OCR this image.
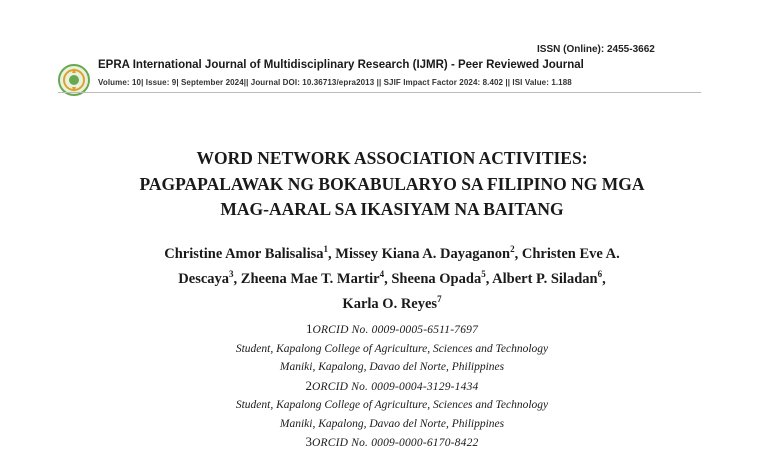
ISSN (Online): 2455-3662
EPRA International Journal of Multidisciplinary Research (IJMR) - Peer Reviewed Journal
Volume: 10| Issue: 9| September 2024|| Journal DOI: 10.36713/epra2013 || SJIF Impact Factor 2024: 8.402 || ISI Value: 1.188
WORD NETWORK ASSOCIATION ACTIVITIES:
PAGPAPALAWAK NG BOKABULARYO SA FILIPINO NG MGA
MAG-AARAL SA IKASIYAM NA BAITANG
Christine Amor Balisalisa$^1$, Missey Kiana A. Dayaganon$^2$, Christen Eve A.
Descaya$^3$, Zheena Mae T. Martir$^4$, Sheena Opada$^5$, Albert P. Siladan$^6$,
Karla O. Reyes$^7$
1ORCID No. 0009-0005-6511-7697
Student, Kapalong College of Agriculture, Sciences and Technology
Maniki, Kapalong, Davao del Norte, Philippines
2ORCID No. 0009-0004-3129-1434
Student, Kapalong College of Agriculture, Sciences and Technology
Maniki, Kapalong, Davao del Norte, Philippines
3ORCID No. 0009-0000-6170-8422
